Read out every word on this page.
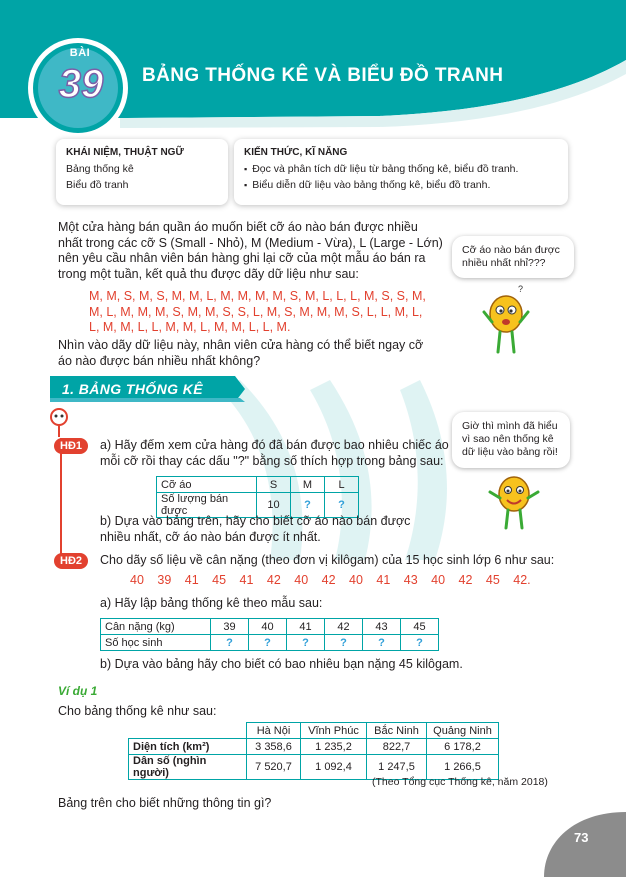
BÀI
39	BẢNG THỐNG KÊ VÀ BIỂU ĐỒ TRANH
KHÁI NIỆM, THUẬT NGỮ
Bảng thống kê
Biểu đồ tranh
KIẾN THỨC, KĨ NĂNG
▪ Đọc và phân tích dữ liệu từ bảng thống kê, biểu đồ tranh.
▪ Biểu diễn dữ liệu vào bảng thống kê, biểu đồ tranh.
Một cửa hàng bán quần áo muốn biết cỡ áo nào bán được nhiều
nhất trong các cỡ S (Small - Nhỏ), M (Medium - Vừa), L (Large - Lớn)
nên yêu cầu nhân viên bán hàng ghi lại cỡ của một mẫu áo bán ra
trong một tuần, kết quả thu được dãy dữ liệu như sau:
M, M, S, M, S, M, M, L, M, M, M, M, S, M, L, L, L, M, S, S, M,
M, L, M, M, M, S, M, M, S, S, L, M, S, M, M, M, S, L, L, M, L,
L, M, M, L, L, M, M, L, M, M, L, L, M.
Nhìn vào dãy dữ liệu này, nhân viên cửa hàng có thể biết ngay cỡ
áo nào được bán nhiều nhất không?
Cỡ áo nào bán được
nhiều nhất nhỉ???
?
Giờ thì mình đã hiểu
vì sao nên thống kê
dữ liệu vào bảng rồi!
1. BẢNG THỐNG KÊ
HĐ1	a) Hãy đếm xem cửa hàng đó đã bán được bao nhiêu chiếc áo
mỗi cỡ rồi thay các dấu "?" bằng số thích hợp trong bảng sau:
Cỡ áo	S	M	L
Số lượng bán được	10	?	?
b) Dựa vào bảng trên, hãy cho biết cỡ áo nào bán được
nhiều nhất, cỡ áo nào bán được ít nhất.
HĐ2	Cho dãy số liệu về cân nặng (theo đơn vị kilôgam) của 15 học sinh lớp 6 như sau:
40 39 41 45 41 42 40 42 40 41 43 40 42 45 42.
a) Hãy lập bảng thống kê theo mẫu sau:
Cân nặng (kg)	39	40	41	42	43	45
Số học sinh	?	?	?	?	?	?
b) Dựa vào bảng hãy cho biết có bao nhiêu bạn nặng 45 kilôgam.
Ví dụ 1
Cho bảng thống kê như sau:
	Hà Nội	Vĩnh Phúc	Bắc Ninh	Quảng Ninh
Diện tích (km²)	3 358,6	1 235,2	822,7	6 178,2
Dân số (nghìn người)	7 520,7	1 092,4	1 247,5	1 266,5
(Theo Tổng cục Thống kê, năm 2018)
Bảng trên cho biết những thông tin gì?
73
